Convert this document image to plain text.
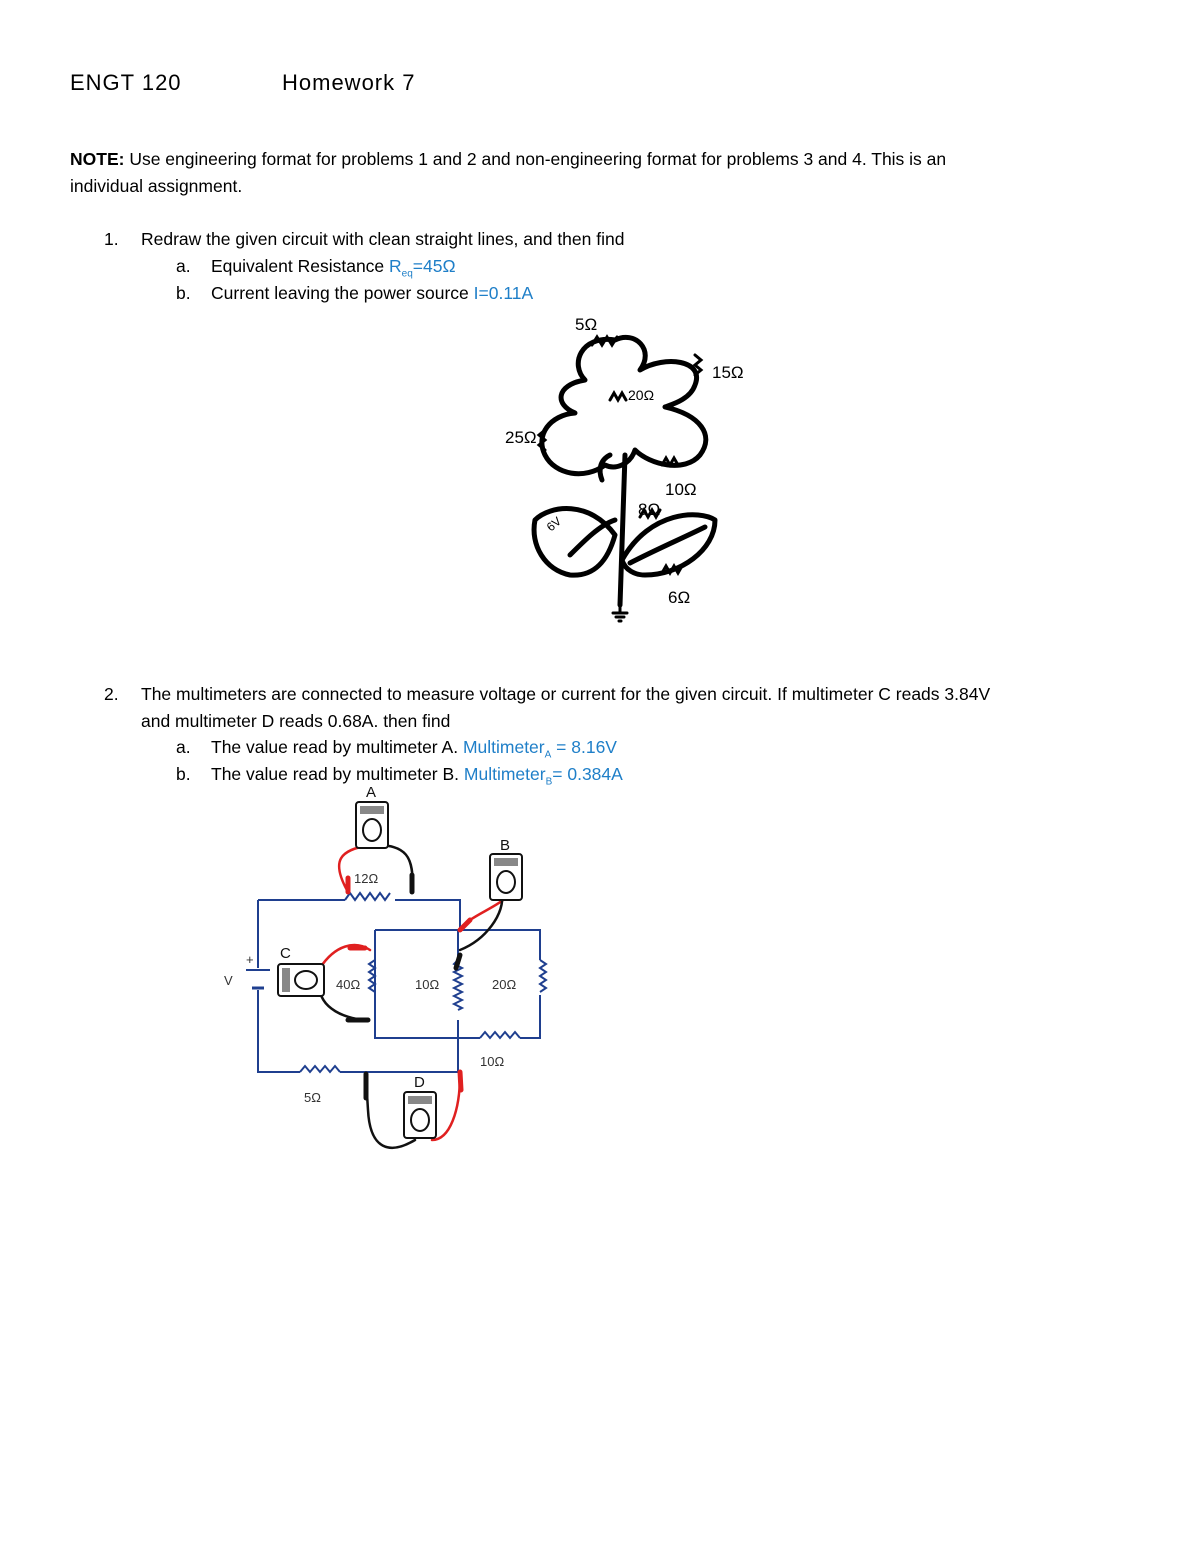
ENGT 120	Homework 7
NOTE: Use engineering format for problems 1 and 2 and non-engineering format for problems 3 and 4. This is an
individual assignment.
1. Redraw the given circuit with clean straight lines, and then find
a. Equivalent Resistance $R_{eq}=45\Omega$
b. Current leaving the power source I=0.11A
5Ω
15Ω
20Ω
25Ω
10Ω
8Ω
6Ω
6V
2. The multimeters are connected to measure voltage or current for the given circuit. If multimeter C reads 3.84V
and multimeter D reads 0.68A. then find
a. The value read by multimeter A. Multimeter$_A$ = 8.16V
b. The value read by multimeter B. Multimeter$_B$= 0.384A
A
B
C
D
12Ω
40Ω	10Ω	20Ω
10Ω
5Ω
+
V
